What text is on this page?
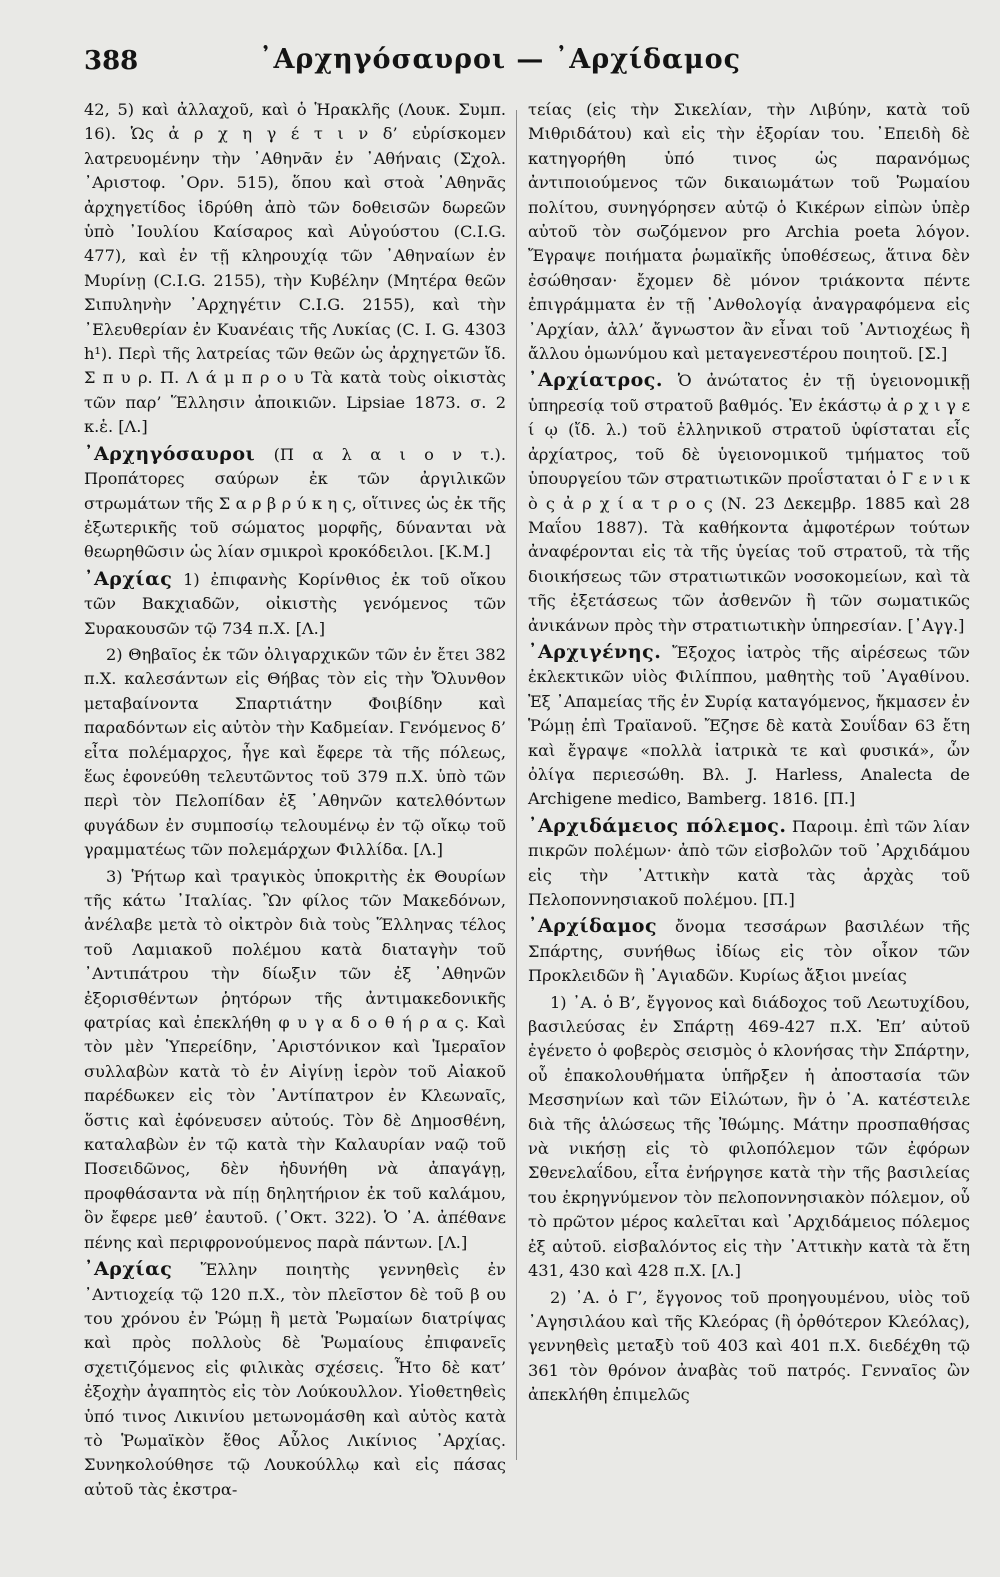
388	᾿Αρχηγόσαυροι — ᾿Αρχίδαμος

42, 5) καὶ ἀλλαχοῦ, καὶ ὁ Ἡρακλῆς (Λουκ. Συμπ. 16). Ὡς ἀ ρ χ η γ έ τ ι ν δ’ εὑρίσκομεν λατρευομένην τὴν ᾿Αθηνᾶν ἐν ᾿Αθήναις (Σχολ. ᾿Αριστοφ. ᾿Ορν. 515), ὅπου καὶ στοὰ ᾿Αθηνᾶς ἀρχηγετίδος ἱδρύθη ἀπὸ τῶν δοθεισῶν δωρεῶν ὑπὸ ᾿Ιουλίου Καίσαρος καὶ Αὐγούστου (C.I.G. 477), καὶ ἐν τῇ κληρουχίᾳ τῶν ᾿Αθηναίων ἐν Μυρίνῃ (C.I.G. 2155), τὴν Κυβέλην (Μητέρα θεῶν Σιπυληνὴν ᾿Αρχηγέτιν C.I.G. 2155), καὶ τὴν ᾿Ελευθερίαν ἐν Κυανέαις τῆς Λυκίας (C. I. G. 4303 h¹). Περὶ τῆς λατρείας τῶν θεῶν ὡς ἀρχηγετῶν ἴδ. Σ π υ ρ. Π. Λ ά μ π ρ ο υ Τὰ κατὰ τοὺς οἰκιστὰς τῶν παρ’ Ἕλλησιν ἀποικιῶν. Lipsiae 1873. σ. 2 κ.ἑ. [Λ.]

᾿Αρχηγόσαυροι (Π α λ α ι ο ν τ.). Προπάτορες σαύρων ἐκ τῶν ἀργιλικῶν στρωμάτων τῆς Σ α ρ β ρ ύ κ η ς, οἵτινες ὡς ἐκ τῆς ἐξωτερικῆς τοῦ σώματος μορφῆς, δύνανται νὰ θεωρηθῶσιν ὡς λίαν σμικροὶ κροκόδειλοι. [Κ.Μ.]

᾿Αρχίας 1) ἐπιφανὴς Κορίνθιος ἐκ τοῦ οἴκου τῶν Βακχιαδῶν, οἰκιστὴς γενόμενος τῶν Συρακουσῶν τῷ 734 π.Χ. [Λ.]

2) Θηβαῖος ἐκ τῶν ὀλιγαρχικῶν τῶν ἐν ἔτει 382 π.Χ. καλεσάντων εἰς Θήβας τὸν εἰς τὴν Ὄλυνθον μεταβαίνοντα Σπαρτιάτην Φοιβίδην καὶ παραδόντων εἰς αὐτὸν τὴν Καδμείαν. Γενόμενος δ’ εἶτα πολέμαρχος, ἦγε καὶ ἔφερε τὰ τῆς πόλεως, ἕως ἐφονεύθη τελευτῶντος τοῦ 379 π.Χ. ὑπὸ τῶν περὶ τὸν Πελοπίδαν ἐξ ᾿Αθηνῶν κατελθόντων φυγάδων ἐν συμποσίῳ τελουμένῳ ἐν τῷ οἴκῳ τοῦ γραμματέως τῶν πολεμάρχων Φιλλίδα. [Λ.]

3) Ῥήτωρ καὶ τραγικὸς ὑποκριτὴς ἐκ Θουρίων τῆς κάτω ᾿Ιταλίας. Ὢν φίλος τῶν Μακεδόνων, ἀνέλαβε μετὰ τὸ οἰκτρὸν διὰ τοὺς Ἕλληνας τέλος τοῦ Λαμιακοῦ πολέμου κατὰ διαταγὴν τοῦ ᾿Αντιπάτρου τὴν δίωξιν τῶν ἐξ ᾿Αθηνῶν ἐξορισθέντων ῥητόρων τῆς ἀντιμακεδονικῆς φατρίας καὶ ἐπεκλήθη φ υ γ α δ ο θ ή ρ α ς. Καὶ τὸν μὲν Ὑπερείδην, ᾿Αριστόνικον καὶ Ἱμεραῖον συλλαβὼν κατὰ τὸ ἐν Αἰγίνῃ ἱερὸν τοῦ Αἰακοῦ παρέδωκεν εἰς τὸν ᾿Αντίπατρον ἐν Κλεωναῖς, ὅστις καὶ ἐφόνευσεν αὐτούς. Τὸν δὲ Δημοσθένη, καταλαβὼν ἐν τῷ κατὰ τὴν Καλαυρίαν ναῷ τοῦ Ποσειδῶνος, δὲν ἠδυνήθη νὰ ἀπαγάγῃ, προφθάσαντα νὰ πίῃ δηλητήριον ἐκ τοῦ καλάμου, ὃν ἔφερε μεθ’ ἑαυτοῦ. (᾿Οκτ. 322). Ὁ ᾿Α. ἀπέθανε πένης καὶ περιφρονούμενος παρὰ πάντων. [Λ.]

᾿Αρχίας Ἕλλην ποιητὴς γεννηθεὶς ἐν ᾿Αντιοχείᾳ τῷ 120 π.Χ., τὸν πλεῖστον δὲ τοῦ β ου του χρόνου ἐν Ῥώμῃ ἢ μετὰ Ῥωμαίων διατρίψας καὶ πρὸς πολλοὺς δὲ Ῥωμαίους ἐπιφανεῖς σχετιζόμενος εἰς φιλικὰς σχέσεις. Ἦτο δὲ κατ’ ἐξοχὴν ἀγαπητὸς εἰς τὸν Λούκουλλον. Υἱοθετηθεὶς ὑπό τινος Λικινίου μετωνομάσθη καὶ αὐτὸς κατὰ τὸ Ῥωμαϊκὸν ἔθος Αὖλος Λικίνιος ᾿Αρχίας. Συνηκολούθησε τῷ Λουκούλλῳ καὶ εἰς πάσας αὐτοῦ τὰς ἐκστρα-

τείας (εἰς τὴν Σικελίαν, τὴν Λιβύην, κατὰ τοῦ Μιθριδάτου) καὶ εἰς τὴν ἐξορίαν του. ᾿Επειδὴ δὲ κατηγορήθη ὑπό τινος ὡς παρανόμως ἀντιποιούμενος τῶν δικαιωμάτων τοῦ Ῥωμαίου πολίτου, συνηγόρησεν αὐτῷ ὁ Κικέρων εἰπὼν ὑπὲρ αὐτοῦ τὸν σωζόμενον pro Archia poeta λόγον. Ἔγραψε ποιήματα ῥωμαϊκῆς ὑποθέσεως, ἅτινα δὲν ἐσώθησαν· ἔχομεν δὲ μόνον τριάκοντα πέντε ἐπιγράμματα ἐν τῇ ᾿Ανθολογίᾳ ἀναγραφόμενα εἰς ᾿Αρχίαν, ἀλλ’ ἄγνωστον ἂν εἶναι τοῦ ᾿Αντιοχέως ἢ ἄλλου ὁμωνύμου καὶ μεταγενεστέρου ποιητοῦ. [Σ.]

᾿Αρχίατρος. Ὁ ἀνώτατος ἐν τῇ ὑγειονομικῇ ὑπηρεσίᾳ τοῦ στρατοῦ βαθμός. Ἐν ἑκάστῳ ἀ ρ χ ι γ ε ί ῳ (ἴδ. λ.) τοῦ ἑλληνικοῦ στρατοῦ ὑφίσταται εἷς ἀρχίατρος, τοῦ δὲ ὑγειονομικοῦ τμήματος τοῦ ὑπουργείου τῶν στρατιωτικῶν προΐσταται ὁ Γ ε ν ι κ ὸ ς ἀ ρ χ ί α τ ρ ο ς (Ν. 23 Δεκεμβρ. 1885 καὶ 28 Μαΐου 1887). Τὰ καθήκοντα ἀμφοτέρων τούτων ἀναφέρονται εἰς τὰ τῆς ὑγείας τοῦ στρατοῦ, τὰ τῆς διοικήσεως τῶν στρατιωτικῶν νοσοκομείων, καὶ τὰ τῆς ἐξετάσεως τῶν ἀσθενῶν ἢ τῶν σωματικῶς ἀνικάνων πρὸς τὴν στρατιωτικὴν ὑπηρεσίαν. [᾿Αγγ.]

᾿Αρχιγένης. Ἔξοχος ἰατρὸς τῆς αἱρέσεως τῶν ἐκλεκτικῶν υἱὸς Φιλίππου, μαθητὴς τοῦ ᾿Αγαθίνου. Ἐξ ᾿Απαμείας τῆς ἐν Συρίᾳ καταγόμενος, ἤκμασεν ἐν Ῥώμῃ ἐπὶ Τραϊανοῦ. Ἔζησε δὲ κατὰ Σουΐδαν 63 ἔτη καὶ ἔγραψε «πολλὰ ἰατρικὰ τε καὶ φυσικά», ὧν ὀλίγα περιεσώθη. Βλ. J. Harless, Analecta de Archigene medico, Bamberg. 1816. [Π.]

᾿Αρχιδάμειος πόλεμος. Παροιμ. ἐπὶ τῶν λίαν πικρῶν πολέμων· ἀπὸ τῶν εἰσβολῶν τοῦ ᾿Αρχιδάμου εἰς τὴν ᾿Αττικὴν κατὰ τὰς ἀρχὰς τοῦ Πελοποννησιακοῦ πολέμου. [Π.]

᾿Αρχίδαμος ὄνομα τεσσάρων βασιλέων τῆς Σπάρτης, συνήθως ἰδίως εἰς τὸν οἶκον τῶν Προκλειδῶν ἢ ᾿Αγιαδῶν. Κυρίως ἄξιοι μνείας

1) ᾿Α. ὁ Β’, ἔγγονος καὶ διάδοχος τοῦ Λεωτυχίδου, βασιλεύσας ἐν Σπάρτῃ 469-427 π.Χ. Ἐπ’ αὐτοῦ ἐγένετο ὁ φοβερὸς σεισμὸς ὁ κλονήσας τὴν Σπάρτην, οὗ ἐπακολουθήματα ὑπῆρξεν ἡ ἀποστασία τῶν Μεσσηνίων καὶ τῶν Εἱλώτων, ἣν ὁ ᾿Α. κατέστειλε διὰ τῆς ἁλώσεως τῆς Ἰθώμης. Μάτην προσπαθήσας νὰ νικήσῃ εἰς τὸ φιλοπόλεμον τῶν ἐφόρων Σθενελαΐδου, εἶτα ἐνήργησε κατὰ τὴν τῆς βασιλείας του ἐκρηγνύμενον τὸν πελοποννησιακὸν πόλεμον, οὗ τὸ πρῶτον μέρος καλεῖται καὶ ᾿Αρχιδάμειος πόλεμος ἐξ αὐτοῦ. εἰσβαλόντος εἰς τὴν ᾿Αττικὴν κατὰ τὰ ἔτη 431, 430 καὶ 428 π.Χ. [Λ.]

2) ᾿Α. ὁ Γ’, ἔγγονος τοῦ προηγουμένου, υἱὸς τοῦ ᾿Αγησιλάου καὶ τῆς Κλεόρας (ἢ ὀρθότερον Κλεόλας), γεννηθεὶς μεταξὺ τοῦ 403 καὶ 401 π.Χ. διεδέχθη τῷ 361 τὸν θρόνον ἀναβὰς τοῦ πατρός. Γενναῖος ὢν ἀπεκλήθη ἐπιμελῶς
